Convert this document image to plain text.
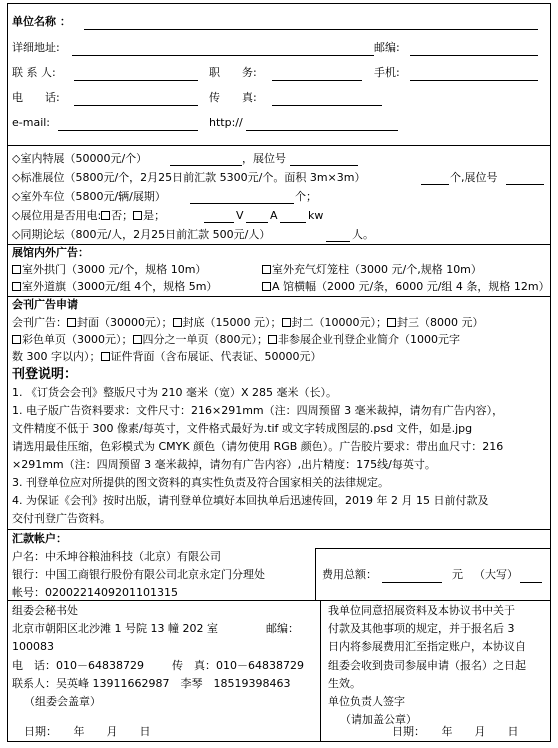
单位名称 ：
详细地址:	邮编:
联 系 人:	职　　务:	手机:
电　　话:	传　　真:
e-mail:	http://
◇室内特展（50000元/个）	，展位号
◇标准展位（5800元/个，2月25日前汇款 5300元/个。面积 3m×3m）	个,展位号
◇室外车位（5800元/辆/展期）	个；
◇展位用是否用电: 否； 是；	V A	kw
◇同期论坛（800元/人，2月25日前汇款 500元/人）	人。
展馆内外广告：
室外拱门（3000 元/个，规格 10m）	室外充气灯笼柱（3000 元/个,规格 10m）
室外道旗（3000元/组 4个，规格 5m）	A 馆横幅（2000 元/条，6000 元/组 4 条，规格 12m）
会刊广告申请
会刊广告： 封面（30000元）； 封底（15000 元）； 封二（10000元）； 封三（8000 元）
彩色单页（3000元）； 四分之一单页（800元）； 非参展企业刊登企业简介（1000元字
数 300 字以内）； 证件背面（含布展证、代表证、50000元）
刊登说明：
1. 《订货会会刊》整版尺寸为 210 毫米（宽）X 285 毫米（长）。
1. 电子版广告资料要求：文件尺寸：216×291mm（注：四周预留 3 毫米裁掉，请勿有广告内容），
文件精度不低于 300 像素/每英寸，文件格式最好为.tif 或文字转成图层的.psd 文件，如是.jpg
请选用最佳压缩，色彩模式为 CMYK 颜色（请勿使用 RGB 颜色）。广告胶片要求：带出血尺寸：216
×291mm（注：四周预留 3 毫米裁掉，请勿有广告内容）,出片精度：175线/每英寸。
3. 刊登单位应对所提供的图文资料的真实性负责及符合国家相关的法律规定。
4. 为保证《会刊》按时出版，请刊登单位填好本回执单后迅速传回，2019 年 2 月 15 日前付款及
交付刊登广告资料。
汇款帐户：
户名：中禾坤谷粮油科技（北京）有限公司
银行：中国工商银行股份有限公司北京永定门分理处
帐号：0200221409201101315
费用总额：	元 （大写）
组委会秘书处
北京市朝阳区北沙滩 1 号院 13 幢 202 室	邮编：
100083
电　话：010－64838729	传　真：010－64838729
联系人：吴英峰 13911662987　李琴　18519398463
（组委会盖章）
日期：　　年　　月　　日
我单位同意招展资料及本协议书中关于
付款及其他事项的规定，并于报名后 3
日内将参展费用汇至指定账户，本协议自
组委会收到贵司参展申请（报名）之日起
生效。
单位负责人签字
（请加盖公章）
日期：　　年　　月　　日
